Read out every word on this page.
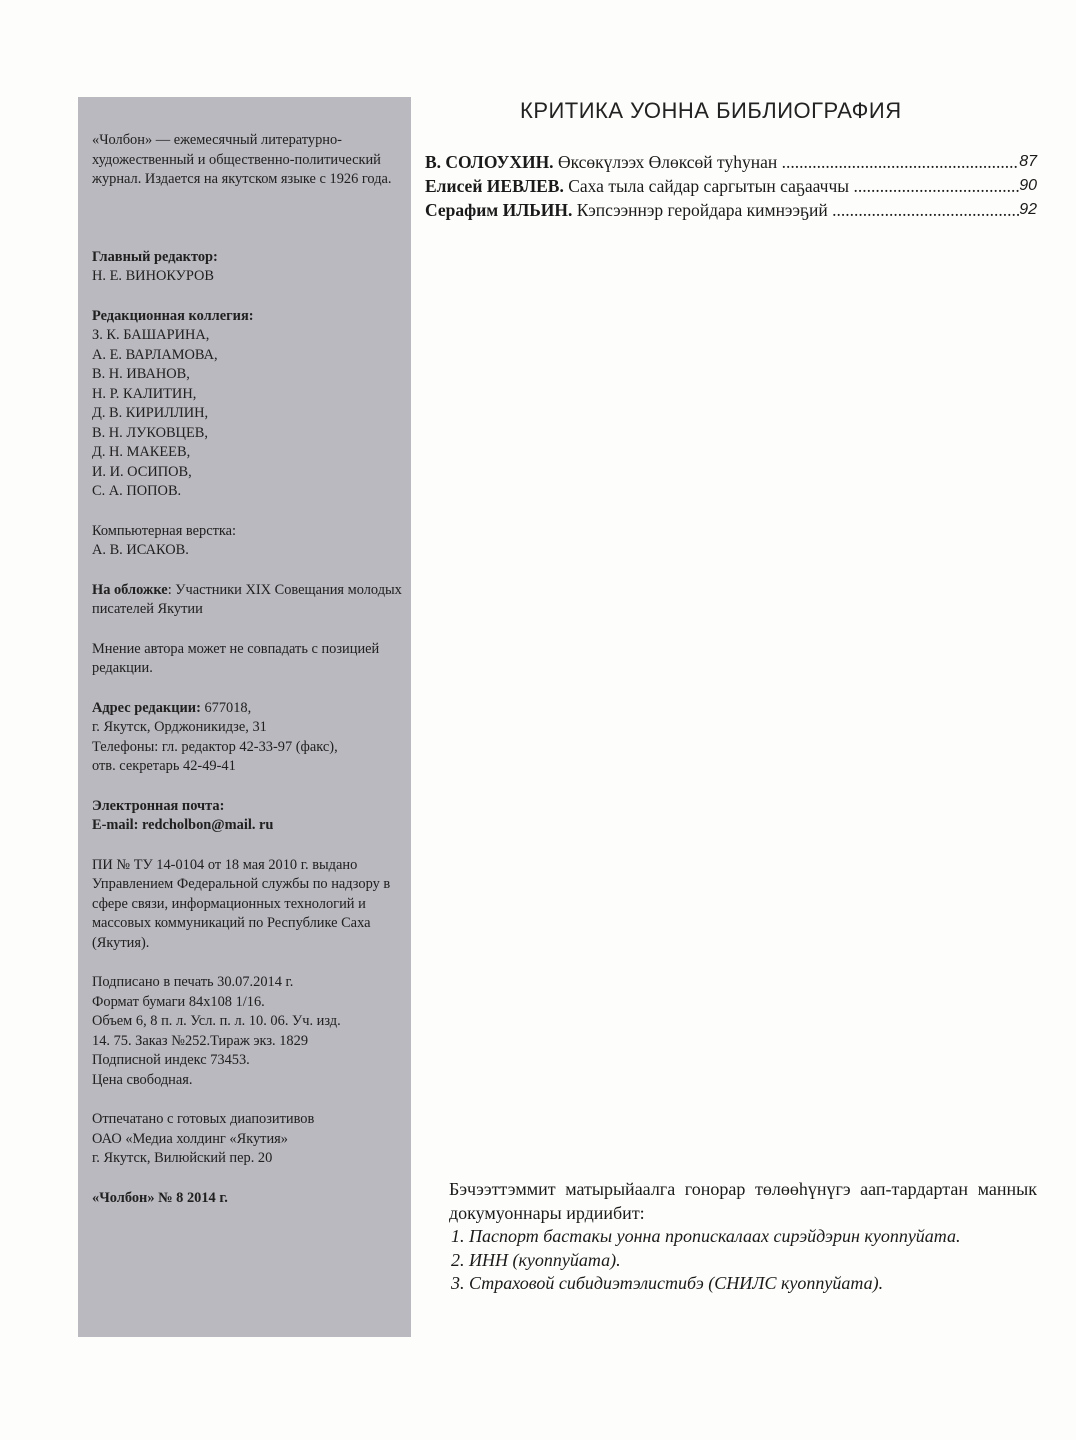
«Чолбон» — ежемесячный литературно-художественный и общественно-политический журнал. Издается на якутском языке с 1926 года.

Главный редактор:

Н. Е. ВИНОКУРОВ

Редакционная коллегия:

З. К. БАШАРИНА,

А. Е. ВАРЛАМОВА,

В. Н. ИВАНОВ,

Н. Р. КАЛИТИН,

Д. В. КИРИЛЛИН,

В. Н. ЛУКОВЦЕВ,

Д. Н. МАКЕЕВ,

И. И. ОСИПОВ,

С. А. ПОПОВ.

Компьютерная верстка:

А. В. ИСАКОВ.

На обложке: Участники XIX Совещания молодых писателей Якутии

Мнение автора может не совпадать с позицией редакции.

Адрес редакции: 677018,

г. Якутск, Орджоникидзе, 31

Телефоны: гл. редактор 42-33-97 (факс),

отв. секретарь 42-49-41

Электронная почта:

E-mail: redcholbon@mail. ru

ПИ № ТУ 14-0104 от 18 мая 2010 г. выдано Управлением Федеральной службы по надзору в сфере связи, информационных технологий и массовых коммуникаций по Республике Саха (Якутия).

Подписано в печать 30.07.2014 г.

Формат бумаги 84x108 1/16.

Объем 6, 8 п. л. Усл. п. л. 10. 06. Уч. изд.

14. 75. Заказ №252.Тираж экз. 1829

Подписной индекс 73453.

Цена свободная.

Отпечатано с готовых диапозитивов

ОАО «Медиа холдинг «Якутия»

г. Якутск, Вилюйский пер. 20

«Чолбон» № 8 2014 г.

КРИТИКА УОННА БИБЛИОГРАФИЯ
В. СОЛОУХИН. Өксөкүлээх Өлөксөй туһунан .....	87
Елисей ИЕВЛЕВ. Саха тыла сайдар саргытын саҕааччы .....	90
Серафим ИЛЬИН. Кэпсээннэр геройдара кимнээҕий .....	92
Бэчээттэммит матырыйаалга гонорар төлөөһүнүгэ аап-тардартан маннык докумуоннары ирдиибит:
1. Паспорт бастакы уонна пропискалаах сирэйдэрин куоппуйата.
2. ИНН (куоппуйата).
3. Страховой сибидиэтэлистибэ (СНИЛС куоппуйата).
